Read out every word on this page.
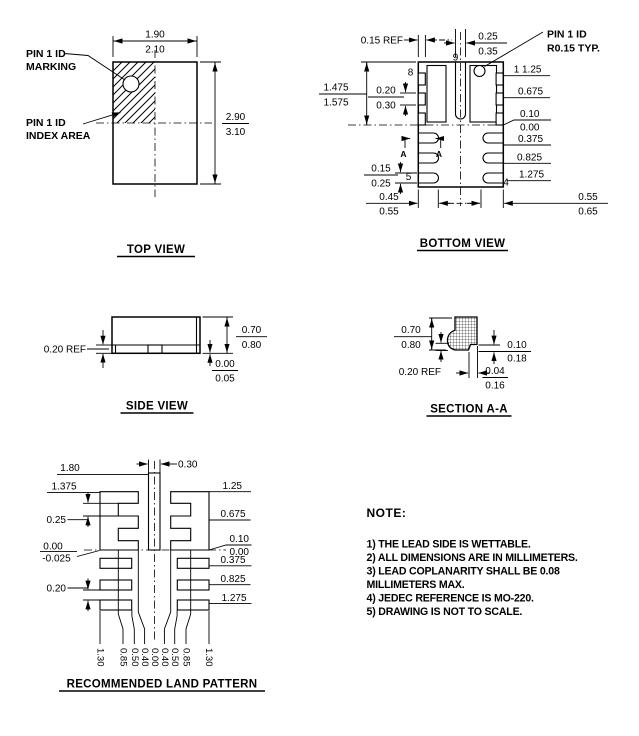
1.90
2.10
2.90
3.10
PIN 1 ID
MARKING
PIN 1 ID
INDEX AREA
TOP VIEW
0.15 REF	0.25
0.35
PIN 1 ID
R0.15 TYP.
9
8	1
5	4
A	A
1.475
1.575
0.20
0.30
0.15
0.25
1.25
0.675
0.10
0.00
0.375
0.825
1.275
0.45
0.55
0.55
0.65
BOTTOM VIEW
0.20 REF
0.70
0.80
0.00
0.05
SIDE VIEW
0.70
0.80
0.20 REF
0.10
0.18
0.04
0.16
SECTION A-A
1.80	0.30
1.375
0.25
0.00
-0.025
0.20
1.25
0.675
0.10
0.00
0.375
0.825
1.275
1.30 0.85 0.50 0.40
0.00
0.40 0.50 0.85 1.30
RECOMMENDED LAND PATTERN
NOTE:
1) THE LEAD SIDE IS WETTABLE.
2) ALL DIMENSIONS ARE IN MILLIMETERS.
3) LEAD COPLANARITY SHALL BE 0.08
MILLIMETERS MAX.
4) JEDEC REFERENCE IS MO-220.
5) DRAWING IS NOT TO SCALE.
